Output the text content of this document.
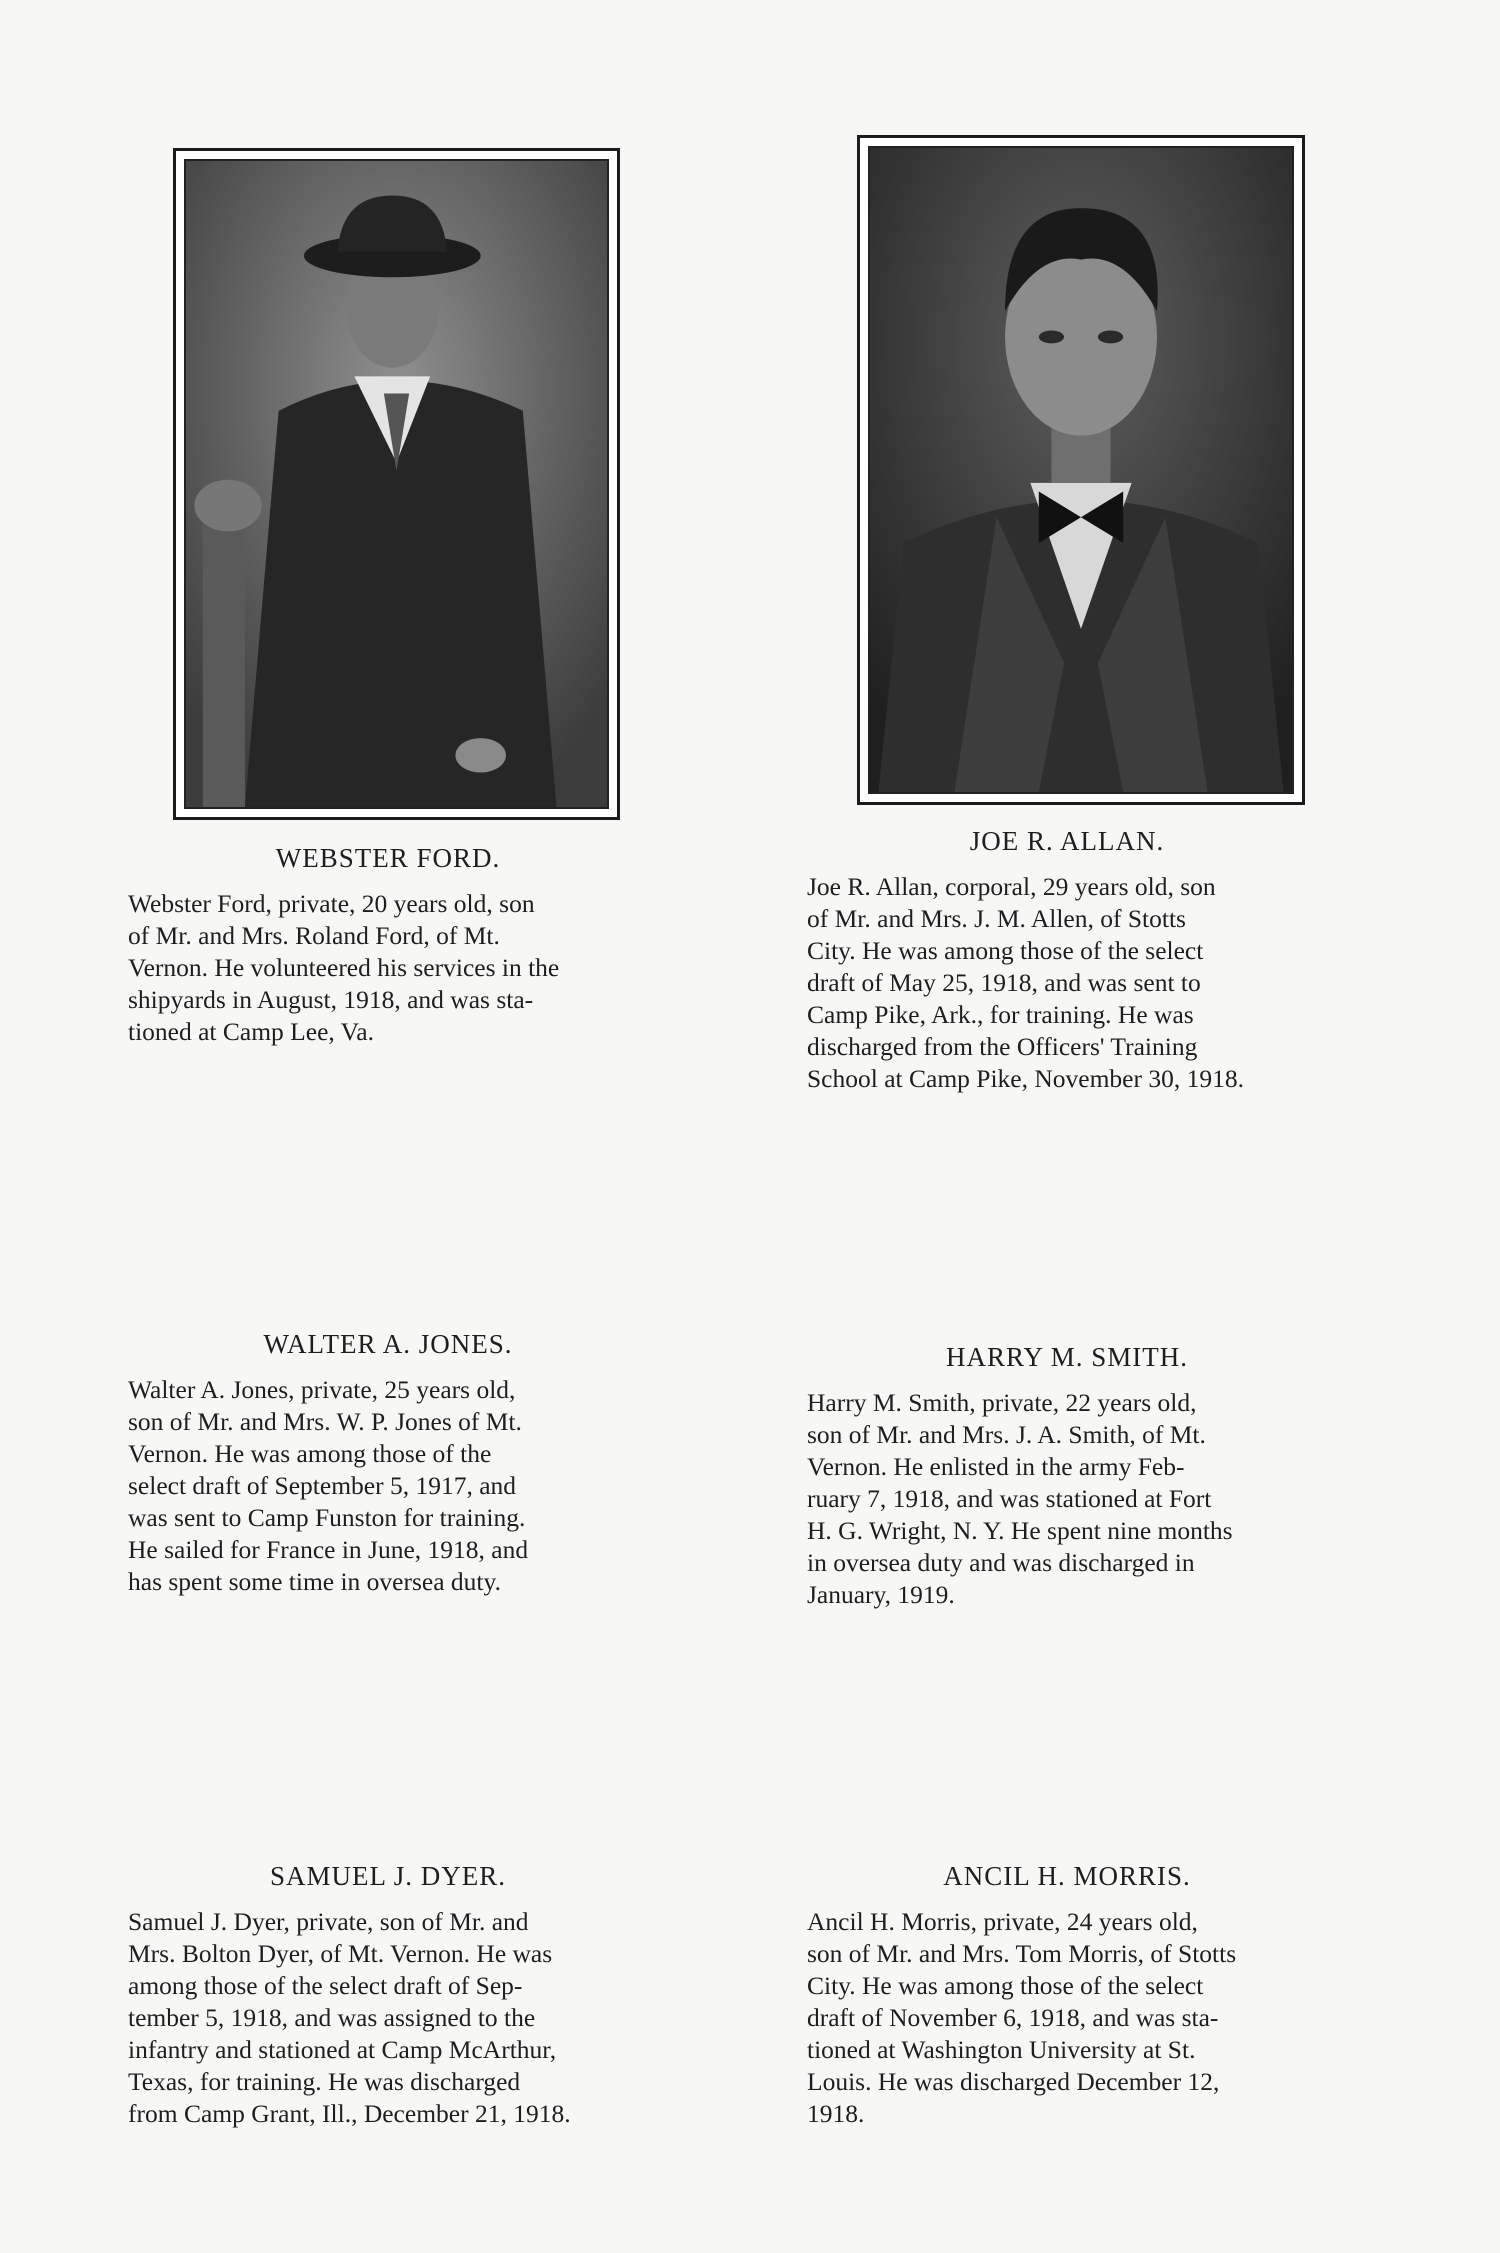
WEBSTER FORD.

Webster Ford, private, 20 years old, son
of Mr. and Mrs. Roland Ford, of Mt.
Vernon. He volunteered his services in the
shipyards in August, 1918, and was sta-
tioned at Camp Lee, Va.

JOE R. ALLAN.

Joe R. Allan, corporal, 29 years old, son
of Mr. and Mrs. J. M. Allen, of Stotts
City. He was among those of the select
draft of May 25, 1918, and was sent to
Camp Pike, Ark., for training. He was
discharged from the Officers' Training
School at Camp Pike, November 30, 1918.

WALTER A. JONES.

Walter A. Jones, private, 25 years old,
son of Mr. and Mrs. W. P. Jones of Mt.
Vernon. He was among those of the
select draft of September 5, 1917, and
was sent to Camp Funston for training.
He sailed for France in June, 1918, and
has spent some time in oversea duty.

HARRY M. SMITH.

Harry M. Smith, private, 22 years old,
son of Mr. and Mrs. J. A. Smith, of Mt.
Vernon. He enlisted in the army Feb-
ruary 7, 1918, and was stationed at Fort
H. G. Wright, N. Y. He spent nine months
in oversea duty and was discharged in
January, 1919.

SAMUEL J. DYER.

Samuel J. Dyer, private, son of Mr. and
Mrs. Bolton Dyer, of Mt. Vernon. He was
among those of the select draft of Sep-
tember 5, 1918, and was assigned to the
infantry and stationed at Camp McArthur,
Texas, for training. He was discharged
from Camp Grant, Ill., December 21, 1918.

ANCIL H. MORRIS.

Ancil H. Morris, private, 24 years old,
son of Mr. and Mrs. Tom Morris, of Stotts
City. He was among those of the select
draft of November 6, 1918, and was sta-
tioned at Washington University at St.
Louis. He was discharged December 12,
1918.
